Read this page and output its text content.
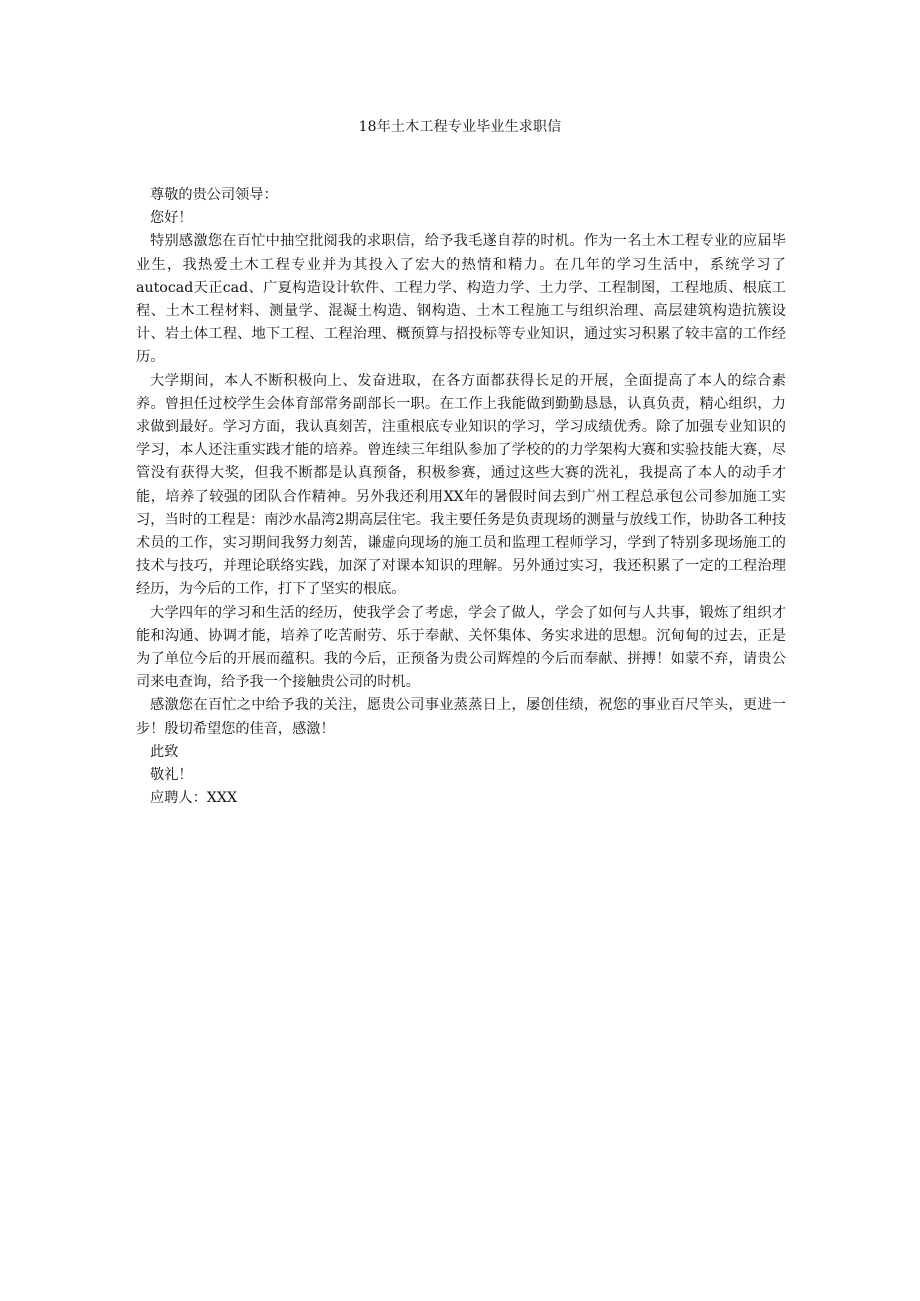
18年土木工程专业毕业生求职信
尊敬的贵公司领导：
您好！
特别感激您在百忙中抽空批阅我的求职信，给予我毛遂自荐的时机。作为一名土木工程专业的应届毕业生，我热爱土木工程专业并为其投入了宏大的热情和精力。在几年的学习生活中，系统学习了autocad天正cad、广夏构造设计软件、工程力学、构造力学、土力学、工程制图，工程地质、根底工程、土木工程材料、测量学、混凝土构造、钢构造、土木工程施工与组织治理、高层建筑构造抗簇设计、岩土体工程、地下工程、工程治理、概预算与招投标等专业知识，通过实习积累了较丰富的工作经历。
大学期间，本人不断积极向上、发奋进取，在各方面都获得长足的开展，全面提高了本人的综合素养。曾担任过校学生会体育部常务副部长一职。在工作上我能做到勤勤恳恳，认真负责，精心组织，力求做到最好。学习方面，我认真刻苦，注重根底专业知识的学习，学习成绩优秀。除了加强专业知识的学习，本人还注重实践才能的培养。曾连续三年组队参加了学校的的力学架构大赛和实验技能大赛，尽管没有获得大奖，但我不断都是认真预备，积极参赛，通过这些大赛的洗礼，我提高了本人的动手才能，培养了较强的团队合作精神。另外我还利用XX年的暑假时间去到广州工程总承包公司参加施工实习，当时的工程是：南沙水晶湾2期高层住宅。我主要任务是负责现场的测量与放线工作，协助各工种技术员的工作，实习期间我努力刻苦，谦虚向现场的施工员和监理工程师学习，学到了特别多现场施工的技术与技巧，并理论联络实践，加深了对课本知识的理解。另外通过实习，我还积累了一定的工程治理经历，为今后的工作，打下了坚实的根底。
大学四年的学习和生活的经历，使我学会了考虑，学会了做人，学会了如何与人共事，锻炼了组织才能和沟通、协调才能，培养了吃苦耐劳、乐于奉献、关怀集体、务实求进的思想。沉甸甸的过去，正是为了单位今后的开展而蕴积。我的今后，正预备为贵公司辉煌的今后而奉献、拼搏！如蒙不弃，请贵公司来电查询，给予我一个接触贵公司的时机。
感激您在百忙之中给予我的关注，愿贵公司事业蒸蒸日上，屡创佳绩，祝您的事业百尺竿头，更进一步！殷切希望您的佳音，感激！
此致
敬礼！
应聘人：XXX
